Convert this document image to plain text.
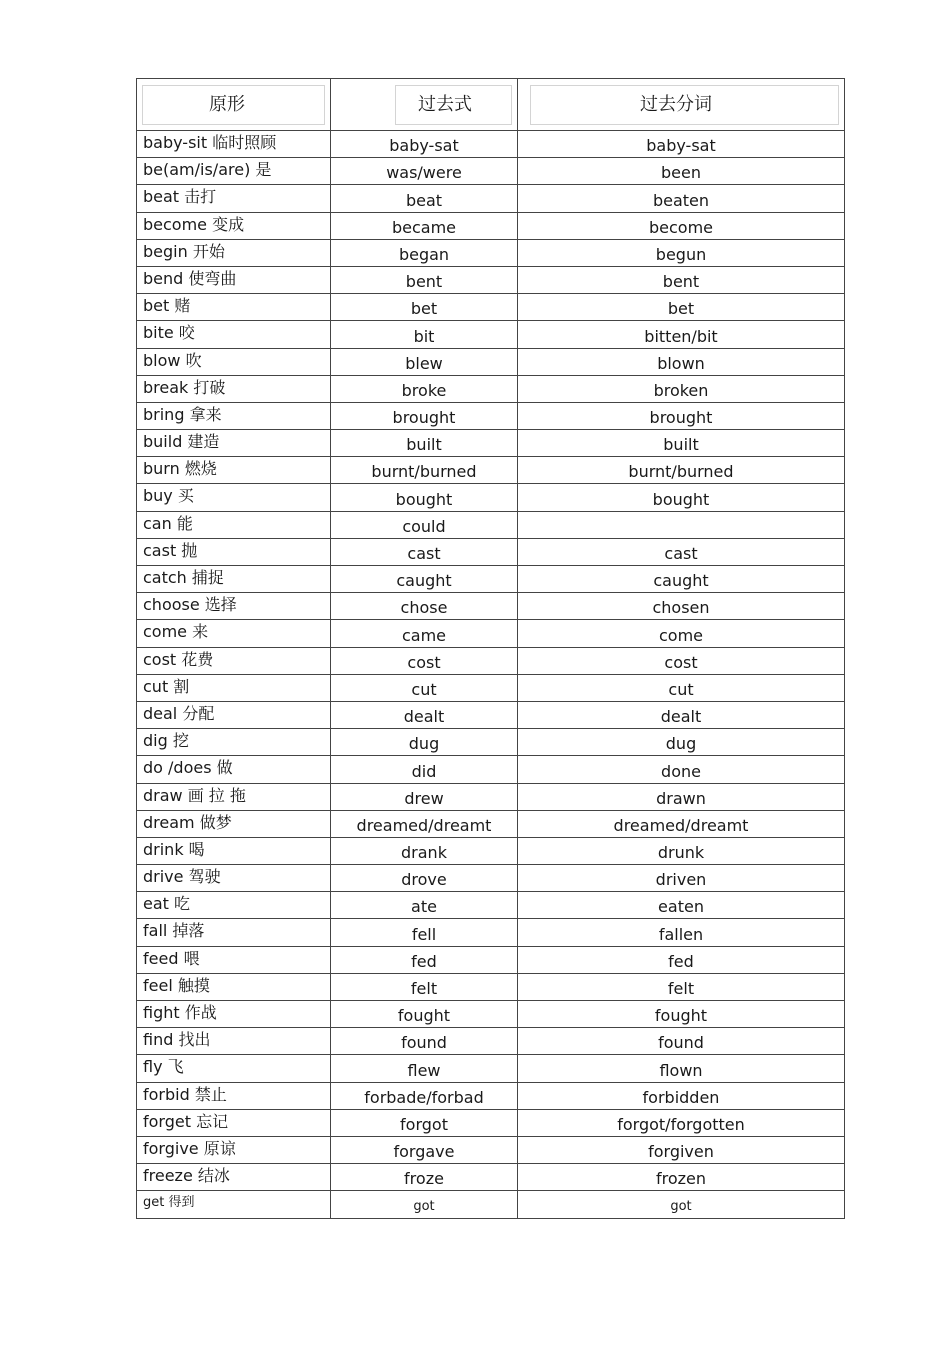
原形	过去式	过去分词

baby-sit 临时照顾	baby-sat	baby-sat
be(am/is/are) 是	was/were	been
beat 击打	beat	beaten
become 变成	became	become
begin 开始	began	begun
bend 使弯曲	bent	bent
bet 赌	bet	bet
bite 咬	bit	bitten/bit
blow 吹	blew	blown
break 打破	broke	broken
bring 拿来	brought	brought
build 建造	built	built
burn 燃烧	burnt/burned	burnt/burned
buy 买	bought	bought
can 能	could	
cast 抛	cast	cast
catch 捕捉	caught	caught
choose 选择	chose	chosen
come 来	came	come
cost 花费	cost	cost
cut 割	cut	cut
deal 分配	dealt	dealt
dig 挖	dug	dug
do /does 做	did	done
draw 画 拉 拖	drew	drawn
dream 做梦	dreamed/dreamt	dreamed/dreamt
drink 喝	drank	drunk
drive 驾驶	drove	driven
eat 吃	ate	eaten
fall 掉落	fell	fallen
feed 喂	fed	fed
feel 触摸	felt	felt
fight 作战	fought	fought
find 找出	found	found
fly 飞	flew	flown
forbid 禁止	forbade/forbad	forbidden
forget 忘记	forgot	forgot/forgotten
forgive 原谅	forgave	forgiven
freeze 结冰	froze	frozen
get 得到	got	got
